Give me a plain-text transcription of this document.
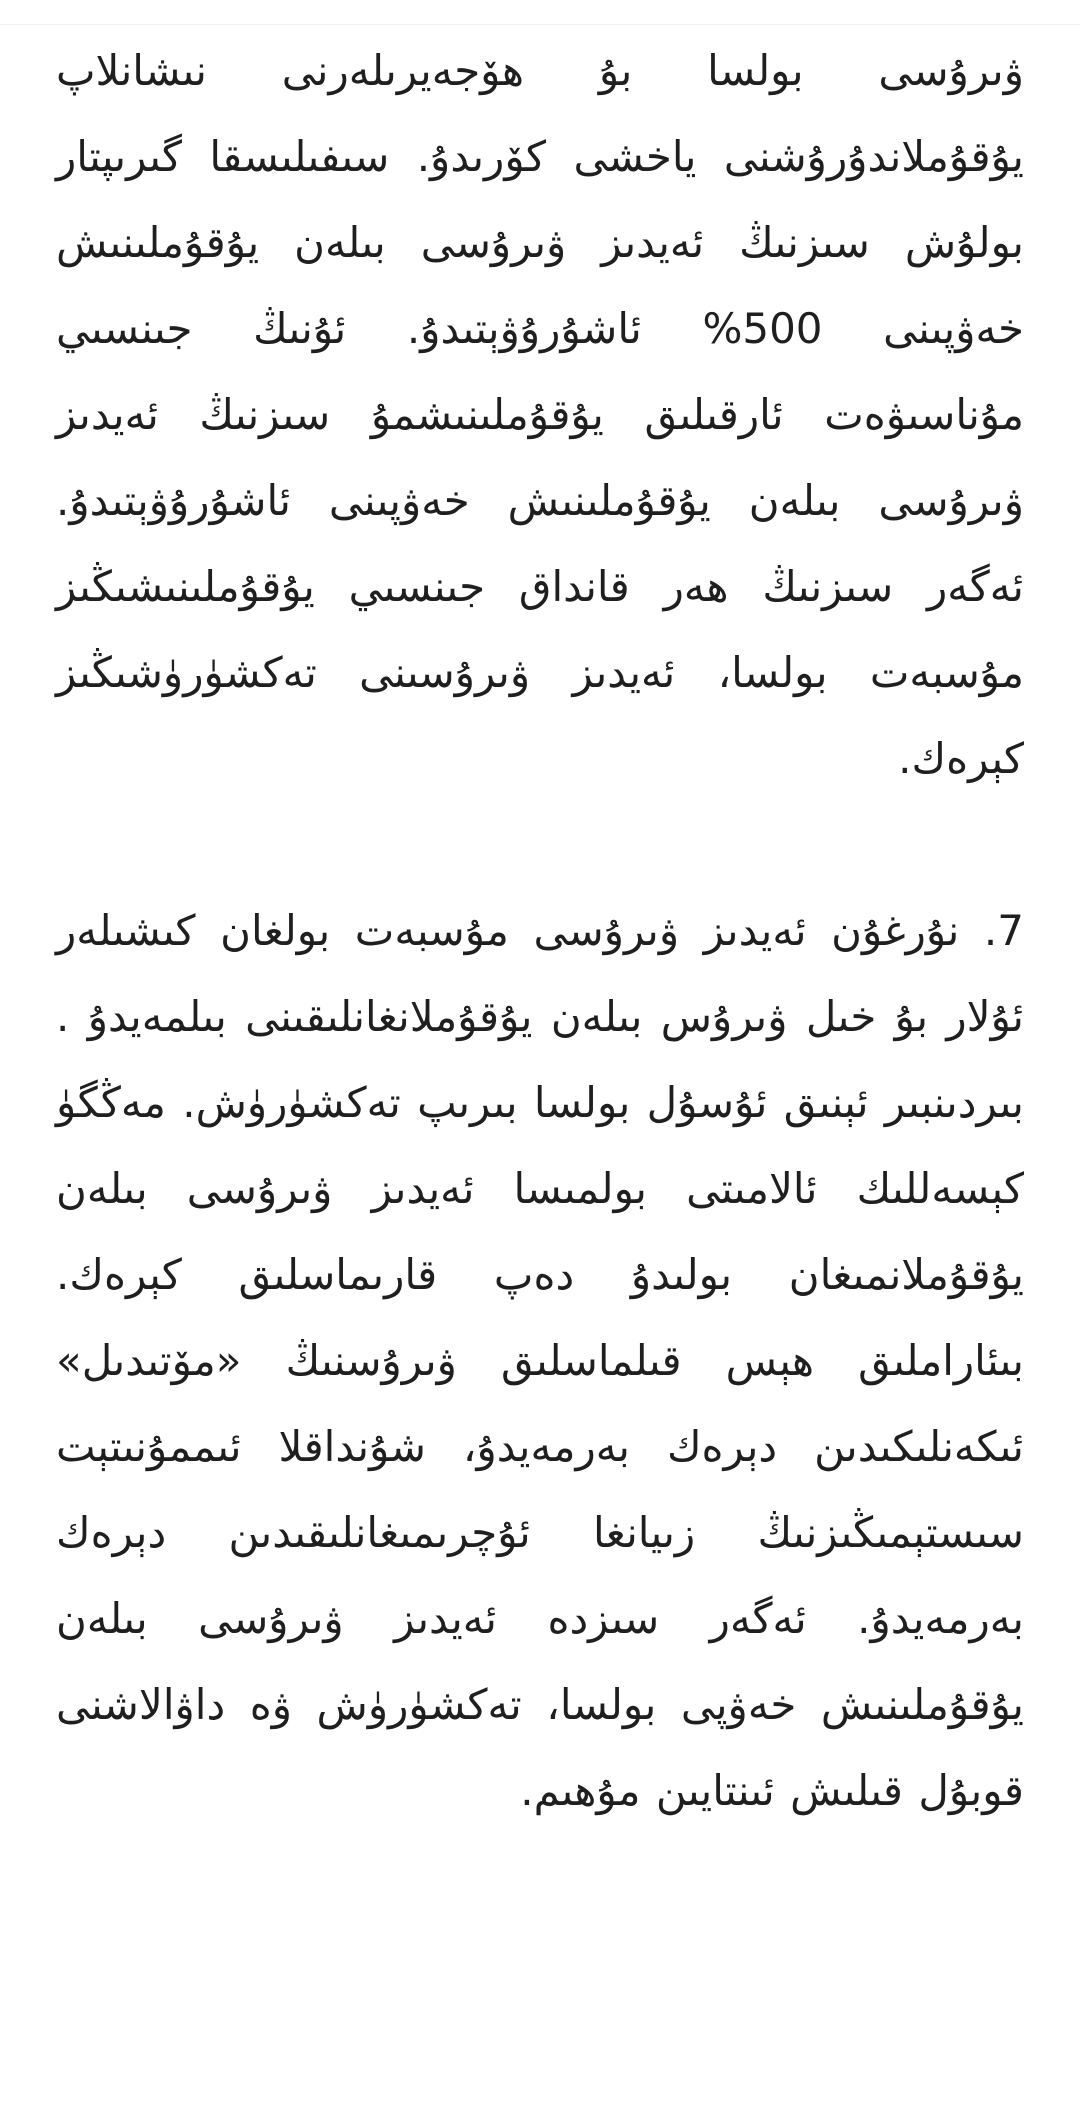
ۋىرۇسى بولسا بۇ ھۆجەيرىلەرنى نىشانلاپ يۇقۇملاندۇرۇشنى ياخشى كۆرىدۇ. سىفىلىسقا گىرىپتار بولۇش سىزنىڭ ئەيدىز ۋىرۇسى بىلەن يۇقۇملىنىش خەۋپىنى 500% ئاشۇرۇۋېتىدۇ. ئۇنىڭ جىنسىي مۇناسىۋەت ئارقىلىق يۇقۇملىنىشمۇ سىزنىڭ ئەيدىز ۋىرۇسى بىلەن يۇقۇملىنىش خەۋپىنى ئاشۇرۇۋېتىدۇ. ئەگەر سىزنىڭ ھەر قانداق جىنسىي يۇقۇملىنىشىڭىز مۇسبەت بولسا، ئەيدىز ۋىرۇسىنى تەكشۈرۈشىڭىز كېرەك.

7. نۇرغۇن ئەيدىز ۋىرۇسى مۇسبەت بولغان كىشىلەر ئۇلار بۇ خىل ۋىرۇس بىلەن يۇقۇملانغانلىقىنى بىلمەيدۇ . بىردىنبىر ئېنىق ئۇسۇل بولسا بىرىپ تەكشۈرۈش. مەڭگۈ كېسەللىك ئالامىتى بولمىسا ئەيدىز ۋىرۇسى بىلەن يۇقۇملانمىغان بولىدۇ دەپ قارىماسلىق كېرەك. بىئاراملىق ھېس قىلماسلىق ۋىرۇسنىڭ «مۆتىدىل» ئىكەنلىكىدىن دېرەك بەرمەيدۇ، شۇنداقلا ئىممۇنىتېت سىستېمىڭىزنىڭ زىيانغا ئۇچرىمىغانلىقىدىن دېرەك بەرمەيدۇ. ئەگەر سىزدە ئەيدىز ۋىرۇسى بىلەن يۇقۇملىنىش خەۋپى بولسا، تەكشۈرۈش ۋە داۋالاشنى قوبۇل قىلىش ئىنتايىن مۇھىم.
